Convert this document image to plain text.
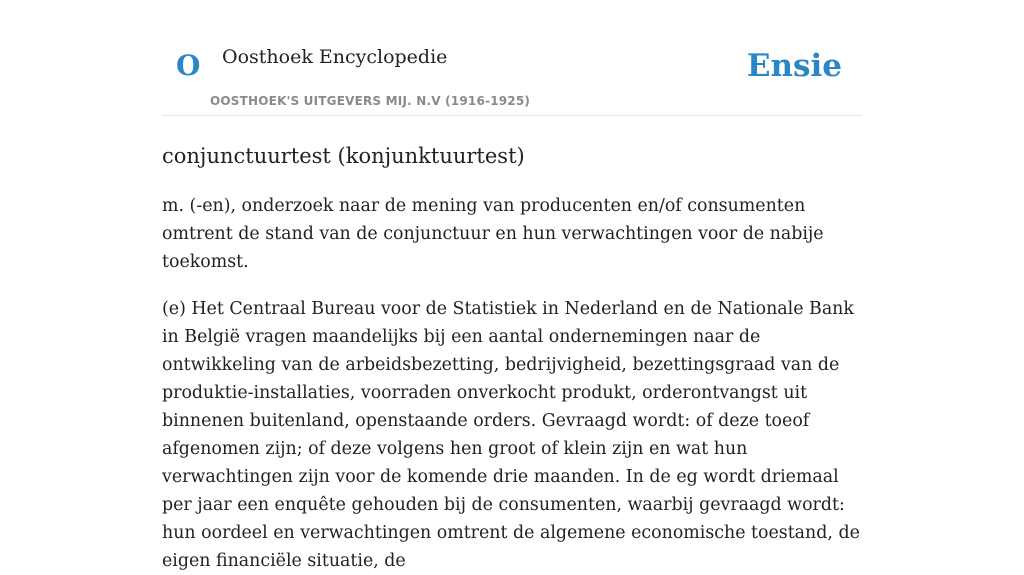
O Oosthoek Encyclopedie
OOSTHOEK'S UITGEVERS MIJ. N.V (1916-1925)
Ensie
conjunctuurtest (konjunktuurtest)

m. (-en), onderzoek naar de mening van producenten en/of consumenten omtrent de stand van de conjunctuur en hun verwachtingen voor de nabije toekomst.

(e) Het Centraal Bureau voor de Statistiek in Nederland en de Nationale Bank in België vragen maandelijks bij een aantal ondernemingen naar de ontwikkeling van de arbeidsbezetting, bedrijvigheid, bezettingsgraad van de produktie-installaties, voorraden onverkocht produkt, orderontvangst uit binnenen buitenland, openstaande orders. Gevraagd wordt: of deze toeof afgenomen zijn; of deze volgens hen groot of klein zijn en wat hun verwachtingen zijn voor de komende drie maanden. In de eg wordt driemaal per jaar een enquête gehouden bij de consumenten, waarbij gevraagd wordt: hun oordeel en verwachtingen omtrent de algemene economische toestand, de eigen financiële situatie, de
